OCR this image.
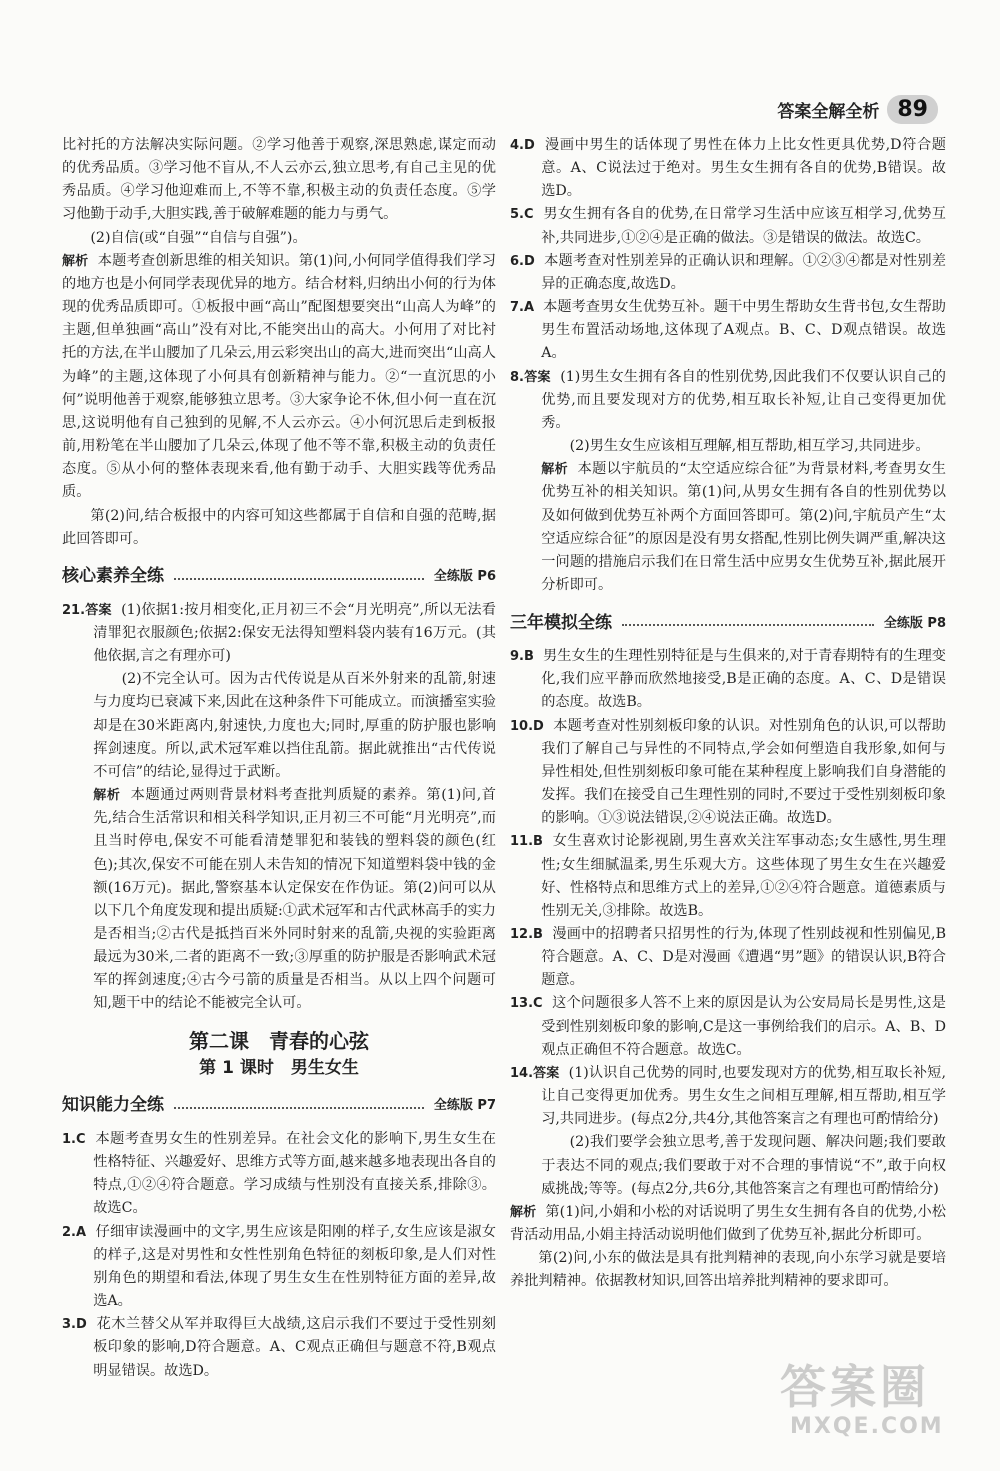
答案全解全析 89

比衬托的方法解决实际问题。②学习他善于观察,深思熟虑,谋定而动的优秀品质。③学习他不盲从,不人云亦云,独立思考,有自己主见的优秀品质。④学习他迎难而上,不等不靠,积极主动的负责任态度。⑤学习他勤于动手,大胆实践,善于破解难题的能力与勇气。

(2)自信(或“自强”“自信与自强”)。

解析 本题考查创新思维的相关知识。第(1)问,小何同学值得我们学习的地方也是小何同学表现优异的地方。结合材料,归纳出小何的行为体现的优秀品质即可。①板报中画“高山”配图想要突出“山高人为峰”的主题,但单独画“高山”没有对比,不能突出山的高大。小何用了对比衬托的方法,在半山腰加了几朵云,用云彩突出山的高大,进而突出“山高人为峰”的主题,这体现了小何具有创新精神与能力。②“一直沉思的小何”说明他善于观察,能够独立思考。③大家争论不休,但小何一直在沉思,这说明他有自己独到的见解,不人云亦云。④小何沉思后走到板报前,用粉笔在半山腰加了几朵云,体现了他不等不靠,积极主动的负责任态度。⑤从小何的整体表现来看,他有勤于动手、大胆实践等优秀品质。

第(2)问,结合板报中的内容可知这些都属于自信和自强的范畴,据此回答即可。

核心素养全练	全练版 P6

21.答案 (1)依据1:按月相变化,正月初三不会“月光明亮”,所以无法看清罪犯衣服颜色;依据2:保安无法得知塑料袋内装有16万元。(其他依据,言之有理亦可)

(2)不完全认可。因为古代传说是从百米外射来的乱箭,射速与力度均已衰减下来,因此在这种条件下可能成立。而演播室实验却是在30米距离内,射速快,力度也大;同时,厚重的防护服也影响挥剑速度。所以,武术冠军难以挡住乱箭。据此就推出“古代传说不可信”的结论,显得过于武断。

解析 本题通过两则背景材料考查批判质疑的素养。第(1)问,首先,结合生活常识和相关科学知识,正月初三不可能“月光明亮”,而且当时停电,保安不可能看清楚罪犯和装钱的塑料袋的颜色(红色);其次,保安不可能在别人未告知的情况下知道塑料袋中钱的金额(16万元)。据此,警察基本认定保安在作伪证。第(2)问可以从以下几个角度发现和提出质疑:①武术冠军和古代武林高手的实力是否相当;②古代是抵挡百米外同时射来的乱箭,央视的实验距离最远为30米,二者的距离不一致;③厚重的防护服是否影响武术冠军的挥剑速度;④古今弓箭的质量是否相当。从以上四个问题可知,题干中的结论不能被完全认可。

第二课　青春的心弦
第 1 课时　男生女生
知识能力全练	全练版 P7

1.C 本题考查男女生的性别差异。在社会文化的影响下,男生女生在性格特征、兴趣爱好、思维方式等方面,越来越多地表现出各自的特点,①②④符合题意。学习成绩与性别没有直接关系,排除③。故选C。

2.A 仔细审读漫画中的文字,男生应该是阳刚的样子,女生应该是淑女的样子,这是对男性和女性性别角色特征的刻板印象,是人们对性别角色的期望和看法,体现了男生女生在性别特征方面的差异,故选A。

3.D 花木兰替父从军并取得巨大战绩,这启示我们不要过于受性别刻板印象的影响,D符合题意。A、C观点正确但与题意不符,B观点明显错误。故选D。

4.D 漫画中男生的话体现了男性在体力上比女性更具优势,D符合题意。A、C说法过于绝对。男生女生拥有各自的优势,B错误。故选D。

5.C 男女生拥有各自的优势,在日常学习生活中应该互相学习,优势互补,共同进步,①②④是正确的做法。③是错误的做法。故选C。

6.D 本题考查对性别差异的正确认识和理解。①②③④都是对性别差异的正确态度,故选D。

7.A 本题考查男女生优势互补。题干中男生帮助女生背书包,女生帮助男生布置活动场地,这体现了A观点。B、C、D观点错误。故选A。

8.答案 (1)男生女生拥有各自的性别优势,因此我们不仅要认识自己的优势,而且要发现对方的优势,相互取长补短,让自己变得更加优秀。

(2)男生女生应该相互理解,相互帮助,相互学习,共同进步。

解析 本题以宇航员的“太空适应综合征”为背景材料,考查男女生优势互补的相关知识。第(1)问,从男女生拥有各自的性别优势以及如何做到优势互补两个方面回答即可。第(2)问,宇航员产生“太空适应综合征”的原因是没有男女搭配,性别比例失调严重,解决这一问题的措施启示我们在日常生活中应男女生优势互补,据此展开分析即可。

三年模拟全练	全练版 P8

9.B 男生女生的生理性别特征是与生俱来的,对于青春期特有的生理变化,我们应平静而欣然地接受,B是正确的态度。A、C、D是错误的态度。故选B。

10.D 本题考查对性别刻板印象的认识。对性别角色的认识,可以帮助我们了解自己与异性的不同特点,学会如何塑造自我形象,如何与异性相处,但性别刻板印象可能在某种程度上影响我们自身潜能的发挥。我们在接受自己生理性别的同时,不要过于受性别刻板印象的影响。①③说法错误,②④说法正确。故选D。

11.B 女生喜欢讨论影视剧,男生喜欢关注军事动态;女生感性,男生理性;女生细腻温柔,男生乐观大方。这些体现了男生女生在兴趣爱好、性格特点和思维方式上的差异,①②④符合题意。道德素质与性别无关,③排除。故选B。

12.B 漫画中的招聘者只招男性的行为,体现了性别歧视和性别偏见,B符合题意。A、C、D是对漫画《遭遇“男”题》的错误认识,B符合题意。

13.C 这个问题很多人答不上来的原因是认为公安局局长是男性,这是受到性别刻板印象的影响,C是这一事例给我们的启示。A、B、D观点正确但不符合题意。故选C。

14.答案 (1)认识自己优势的同时,也要发现对方的优势,相互取长补短,让自己变得更加优秀。男生女生之间相互理解,相互帮助,相互学习,共同进步。(每点2分,共4分,其他答案言之有理也可酌情给分)

(2)我们要学会独立思考,善于发现问题、解决问题;我们要敢于表达不同的观点;我们要敢于对不合理的事情说“不”,敢于向权威挑战;等等。(每点2分,共6分,其他答案言之有理也可酌情给分)

解析 第(1)问,小娟和小松的对话说明了男生女生拥有各自的优势,小松背活动用品,小娟主持活动说明他们做到了优势互补,据此分析即可。

第(2)问,小东的做法是具有批判精神的表现,向小东学习就是要培养批判精神。依据教材知识,回答出培养批判精神的要求即可。

答案圈
MXQE.COM
